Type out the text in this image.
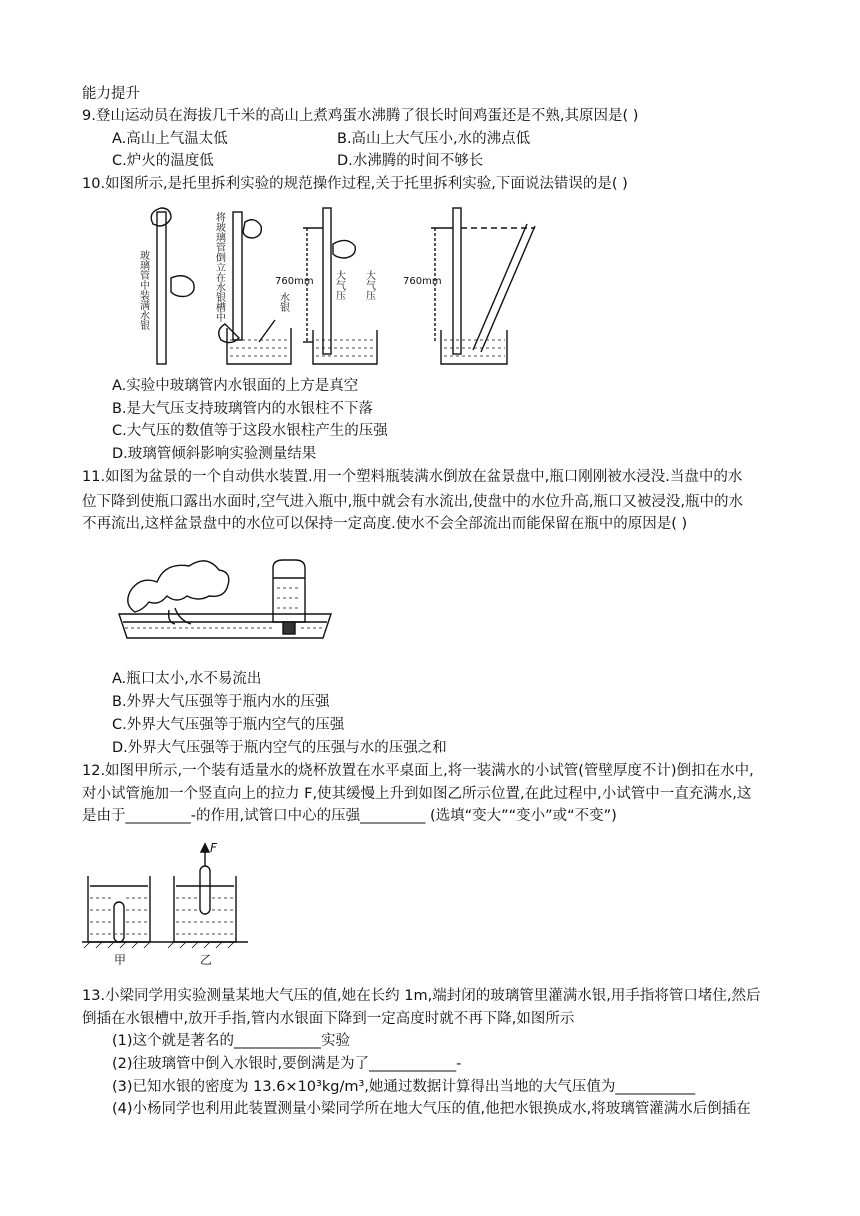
能力提升
9.登山运动员在海拔几千米的高山上煮鸡蛋水沸腾了很长时间鸡蛋还是不熟,其原因是( )
A.高山上气温太低	B.高山上大气压小,水的沸点低
C.炉火的温度低	D.水沸腾的时间不够长
10.如图所示,是托里拆利实验的规范操作过程,关于托里拆利实验,下面说法错误的是( )
玻璃管中装满水银	将玻璃管倒立在水银槽中	水银
760mm 大气压 大气压	760mm
A.实验中玻璃管内水银面的上方是真空
B.是大气压支持玻璃管内的水银柱不下落
C.大气压的数值等于这段水银柱产生的压强
D.玻璃管倾斜影响实验测量结果
11.如图为盆景的一个自动供水装置.用一个塑料瓶装满水倒放在盆景盘中,瓶口刚刚被水浸没.当盘中的水
位下降到使瓶口露出水面时,空气进入瓶中,瓶中就会有水流出,使盘中的水位升高,瓶口又被浸没,瓶中的水
不再流出,这样盆景盘中的水位可以保持一定高度.使水不会全部流出而能保留在瓶中的原因是( )
A.瓶口太小,水不易流出
B.外界大气压强等于瓶内水的压强
C.外界大气压强等于瓶内空气的压强
D.外界大气压强等于瓶内空气的压强与水的压强之和
12.如图甲所示,一个装有适量水的烧杯放置在水平桌面上,将一装满水的小试管(管壁厚度不计)倒扣在水中,
对小试管施加一个竖直向上的拉力 F,使其缓慢上升到如图乙所示位置,在此过程中,小试管中一直充满水,这
是由于_________-的作用,试管口中心的压强_________ (选填“变大”“变小”或“不变”)
F
甲	乙
13.小梁同学用实验测量某地大气压的值,她在长约 1m,端封闭的玻璃管里灌满水银,用手指将管口堵住,然后
倒插在水银槽中,放开手指,管内水银面下降到一定高度时就不再下降,如图所示
(1)这个就是著名的____________实验
(2)往玻璃管中倒入水银时,要倒满是为了____________-
(3)已知水银的密度为 13.6×10³kg/m³,她通过数据计算得出当地的大气压值为___________
(4)小杨同学也利用此装置测量小梁同学所在地大气压的值,他把水银换成水,将玻璃管灌满水后倒插在
